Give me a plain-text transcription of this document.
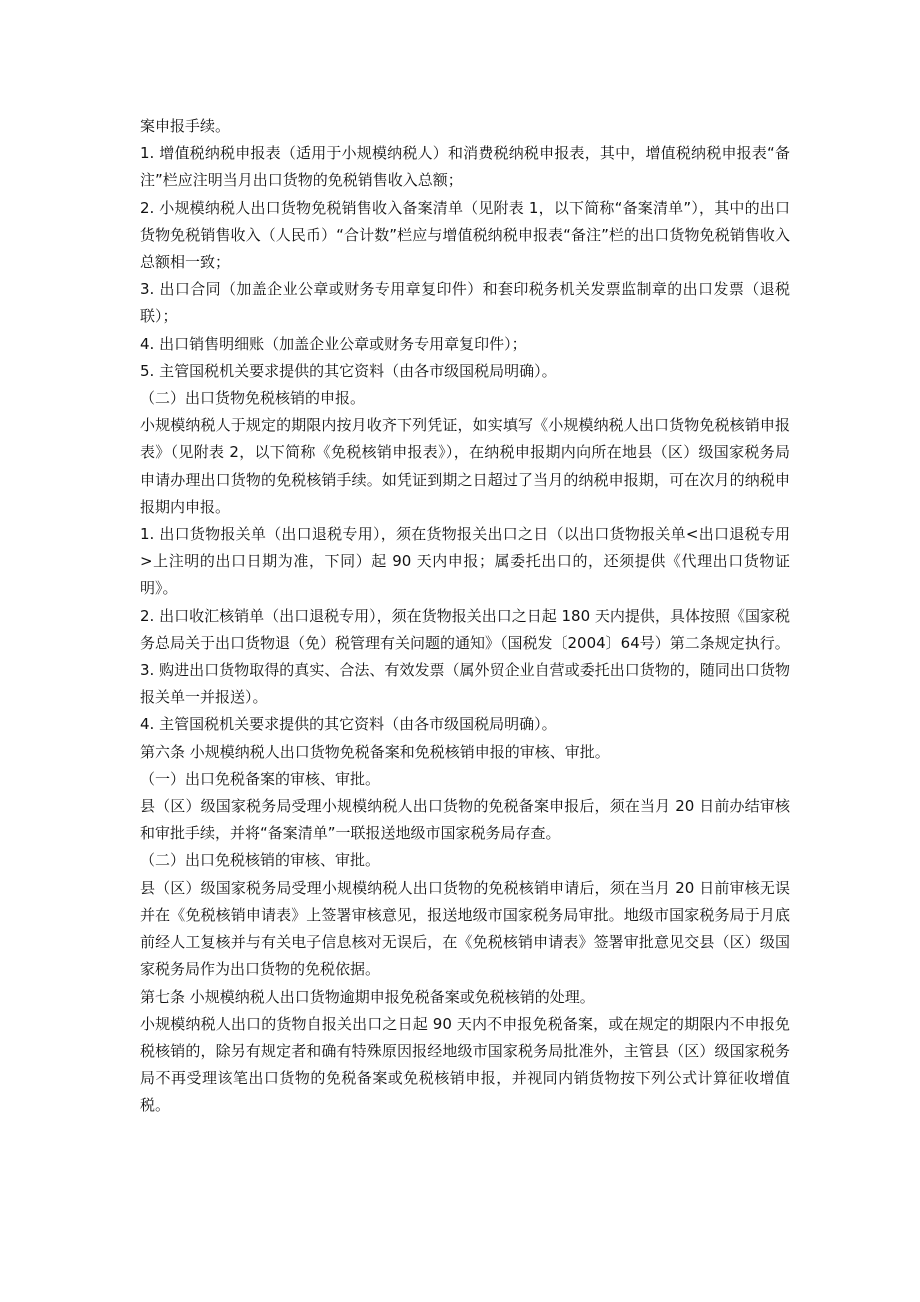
案申报手续。

1. 增值税纳税申报表（适用于小规模纳税人）和消费税纳税申报表，其中，增值税纳税申报表“备注”栏应注明当月出口货物的免税销售收入总额；

2. 小规模纳税人出口货物免税销售收入备案清单（见附表 1，以下简称“备案清单”），其中的出口货物免税销售收入（人民币）“合计数”栏应与增值税纳税申报表“备注”栏的出口货物免税销售收入总额相一致；

3. 出口合同（加盖企业公章或财务专用章复印件）和套印税务机关发票监制章的出口发票（退税联）；

4. 出口销售明细账（加盖企业公章或财务专用章复印件）；

5. 主管国税机关要求提供的其它资料（由各市级国税局明确）。

（二）出口货物免税核销的申报。

小规模纳税人于规定的期限内按月收齐下列凭证，如实填写《小规模纳税人出口货物免税核销申报表》（见附表 2，以下简称《免税核销申报表》），在纳税申报期内向所在地县（区）级国家税务局申请办理出口货物的免税核销手续。如凭证到期之日超过了当月的纳税申报期，可在次月的纳税申报期内申报。

1. 出口货物报关单（出口退税专用），须在货物报关出口之日（以出口货物报关单<出口退税专用>上注明的出口日期为准，下同）起 90 天内申报；属委托出口的，还须提供《代理出口货物证明》。

2. 出口收汇核销单（出口退税专用），须在货物报关出口之日起 180 天内提供，具体按照《国家税务总局关于出口货物退（免）税管理有关问题的通知》（国税发〔2004〕64号）第二条规定执行。

3. 购进出口货物取得的真实、合法、有效发票（属外贸企业自营或委托出口货物的，随同出口货物报关单一并报送）。

4. 主管国税机关要求提供的其它资料（由各市级国税局明确）。

第六条 小规模纳税人出口货物免税备案和免税核销申报的审核、审批。

（一）出口免税备案的审核、审批。

县（区）级国家税务局受理小规模纳税人出口货物的免税备案申报后，须在当月 20 日前办结审核和审批手续，并将“备案清单”一联报送地级市国家税务局存查。

（二）出口免税核销的审核、审批。

县（区）级国家税务局受理小规模纳税人出口货物的免税核销申请后，须在当月 20 日前审核无误并在《免税核销申请表》上签署审核意见，报送地级市国家税务局审批。地级市国家税务局于月底前经人工复核并与有关电子信息核对无误后，在《免税核销申请表》签署审批意见交县（区）级国家税务局作为出口货物的免税依据。

第七条 小规模纳税人出口货物逾期申报免税备案或免税核销的处理。

小规模纳税人出口的货物自报关出口之日起 90 天内不申报免税备案，或在规定的期限内不申报免税核销的，除另有规定者和确有特殊原因报经地级市国家税务局批准外，主管县（区）级国家税务局不再受理该笔出口货物的免税备案或免税核销申报，并视同内销货物按下列公式计算征收增值税。
